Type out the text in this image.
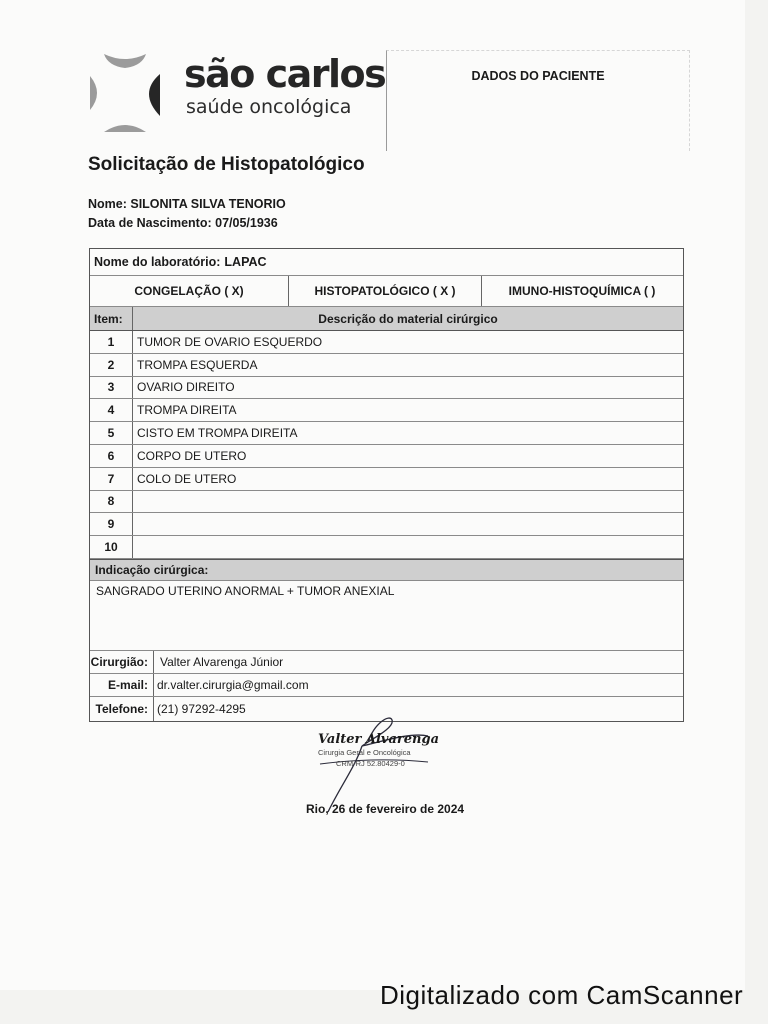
são carlos
saúde oncológica
DADOS DO PACIENTE
Solicitação de Histopatológico
Nome: SILONITA SILVA TENORIO
Data de Nascimento: 07/05/1936
Nome do laboratório: LAPAC
CONGELAÇÃO ( X)	HISTOPATOLÓGICO ( X )	IMUNO-HISTOQUÍMICA ( )
Item:	Descrição do material cirúrgico
1	TUMOR DE OVARIO ESQUERDO
2	TROMPA ESQUERDA
3	OVARIO DIREITO
4	TROMPA DIREITA
5	CISTO EM TROMPA DIREITA
6	CORPO DE UTERO
7	COLO DE UTERO
8
9
10
Indicação cirúrgica:
SANGRADO UTERINO ANORMAL + TUMOR ANEXIAL
Cirurgião: Valter Alvarenga Júnior
E-mail: dr.valter.cirurgia@gmail.com
Telefone: (21) 97292-4295
Valter Alvarenga
Cirurgia Geral e Oncológica
CRM-RJ 52.80429-0
Rio, 26 de fevereiro de 2024
Digitalizado com CamScanner
